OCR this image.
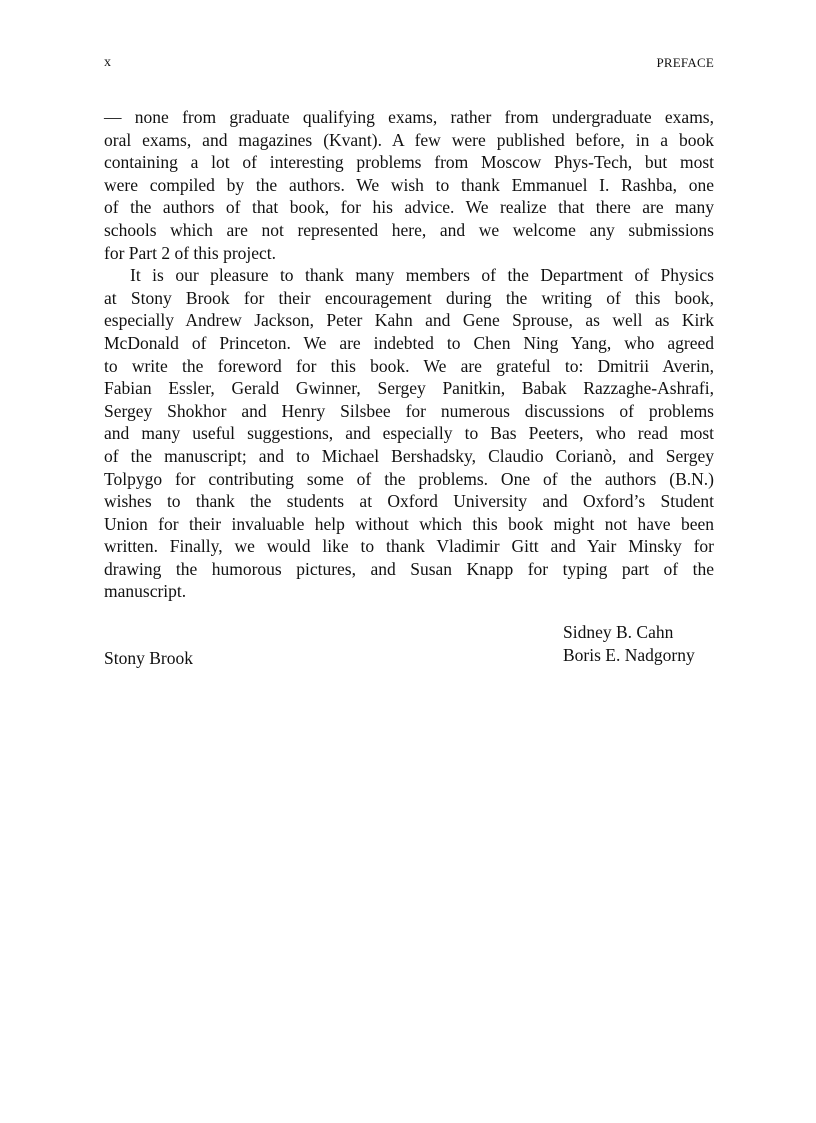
x	PREFACE
— none from graduate qualifying exams, rather from undergraduate exams,
oral exams, and magazines (Kvant). A few were published before, in a book
containing a lot of interesting problems from Moscow Phys-Tech, but most
were compiled by the authors. We wish to thank Emmanuel I. Rashba, one
of the authors of that book, for his advice. We realize that there are many
schools which are not represented here, and we welcome any submissions
for Part 2 of this project.
It is our pleasure to thank many members of the Department of Physics
at Stony Brook for their encouragement during the writing of this book,
especially Andrew Jackson, Peter Kahn and Gene Sprouse, as well as Kirk
McDonald of Princeton. We are indebted to Chen Ning Yang, who agreed
to write the foreword for this book. We are grateful to: Dmitrii Averin,
Fabian Essler, Gerald Gwinner, Sergey Panitkin, Babak Razzaghe-Ashrafi,
Sergey Shokhor and Henry Silsbee for numerous discussions of problems
and many useful suggestions, and especially to Bas Peeters, who read most
of the manuscript; and to Michael Bershadsky, Claudio Corianò, and Sergey
Tolpygo for contributing some of the problems. One of the authors (B.N.)
wishes to thank the students at Oxford University and Oxford’s Student
Union for their invaluable help without which this book might not have been
written. Finally, we would like to thank Vladimir Gitt and Yair Minsky for
drawing the humorous pictures, and Susan Knapp for typing part of the
manuscript.
Sidney B. Cahn
Boris E. Nadgorny
Stony Brook
